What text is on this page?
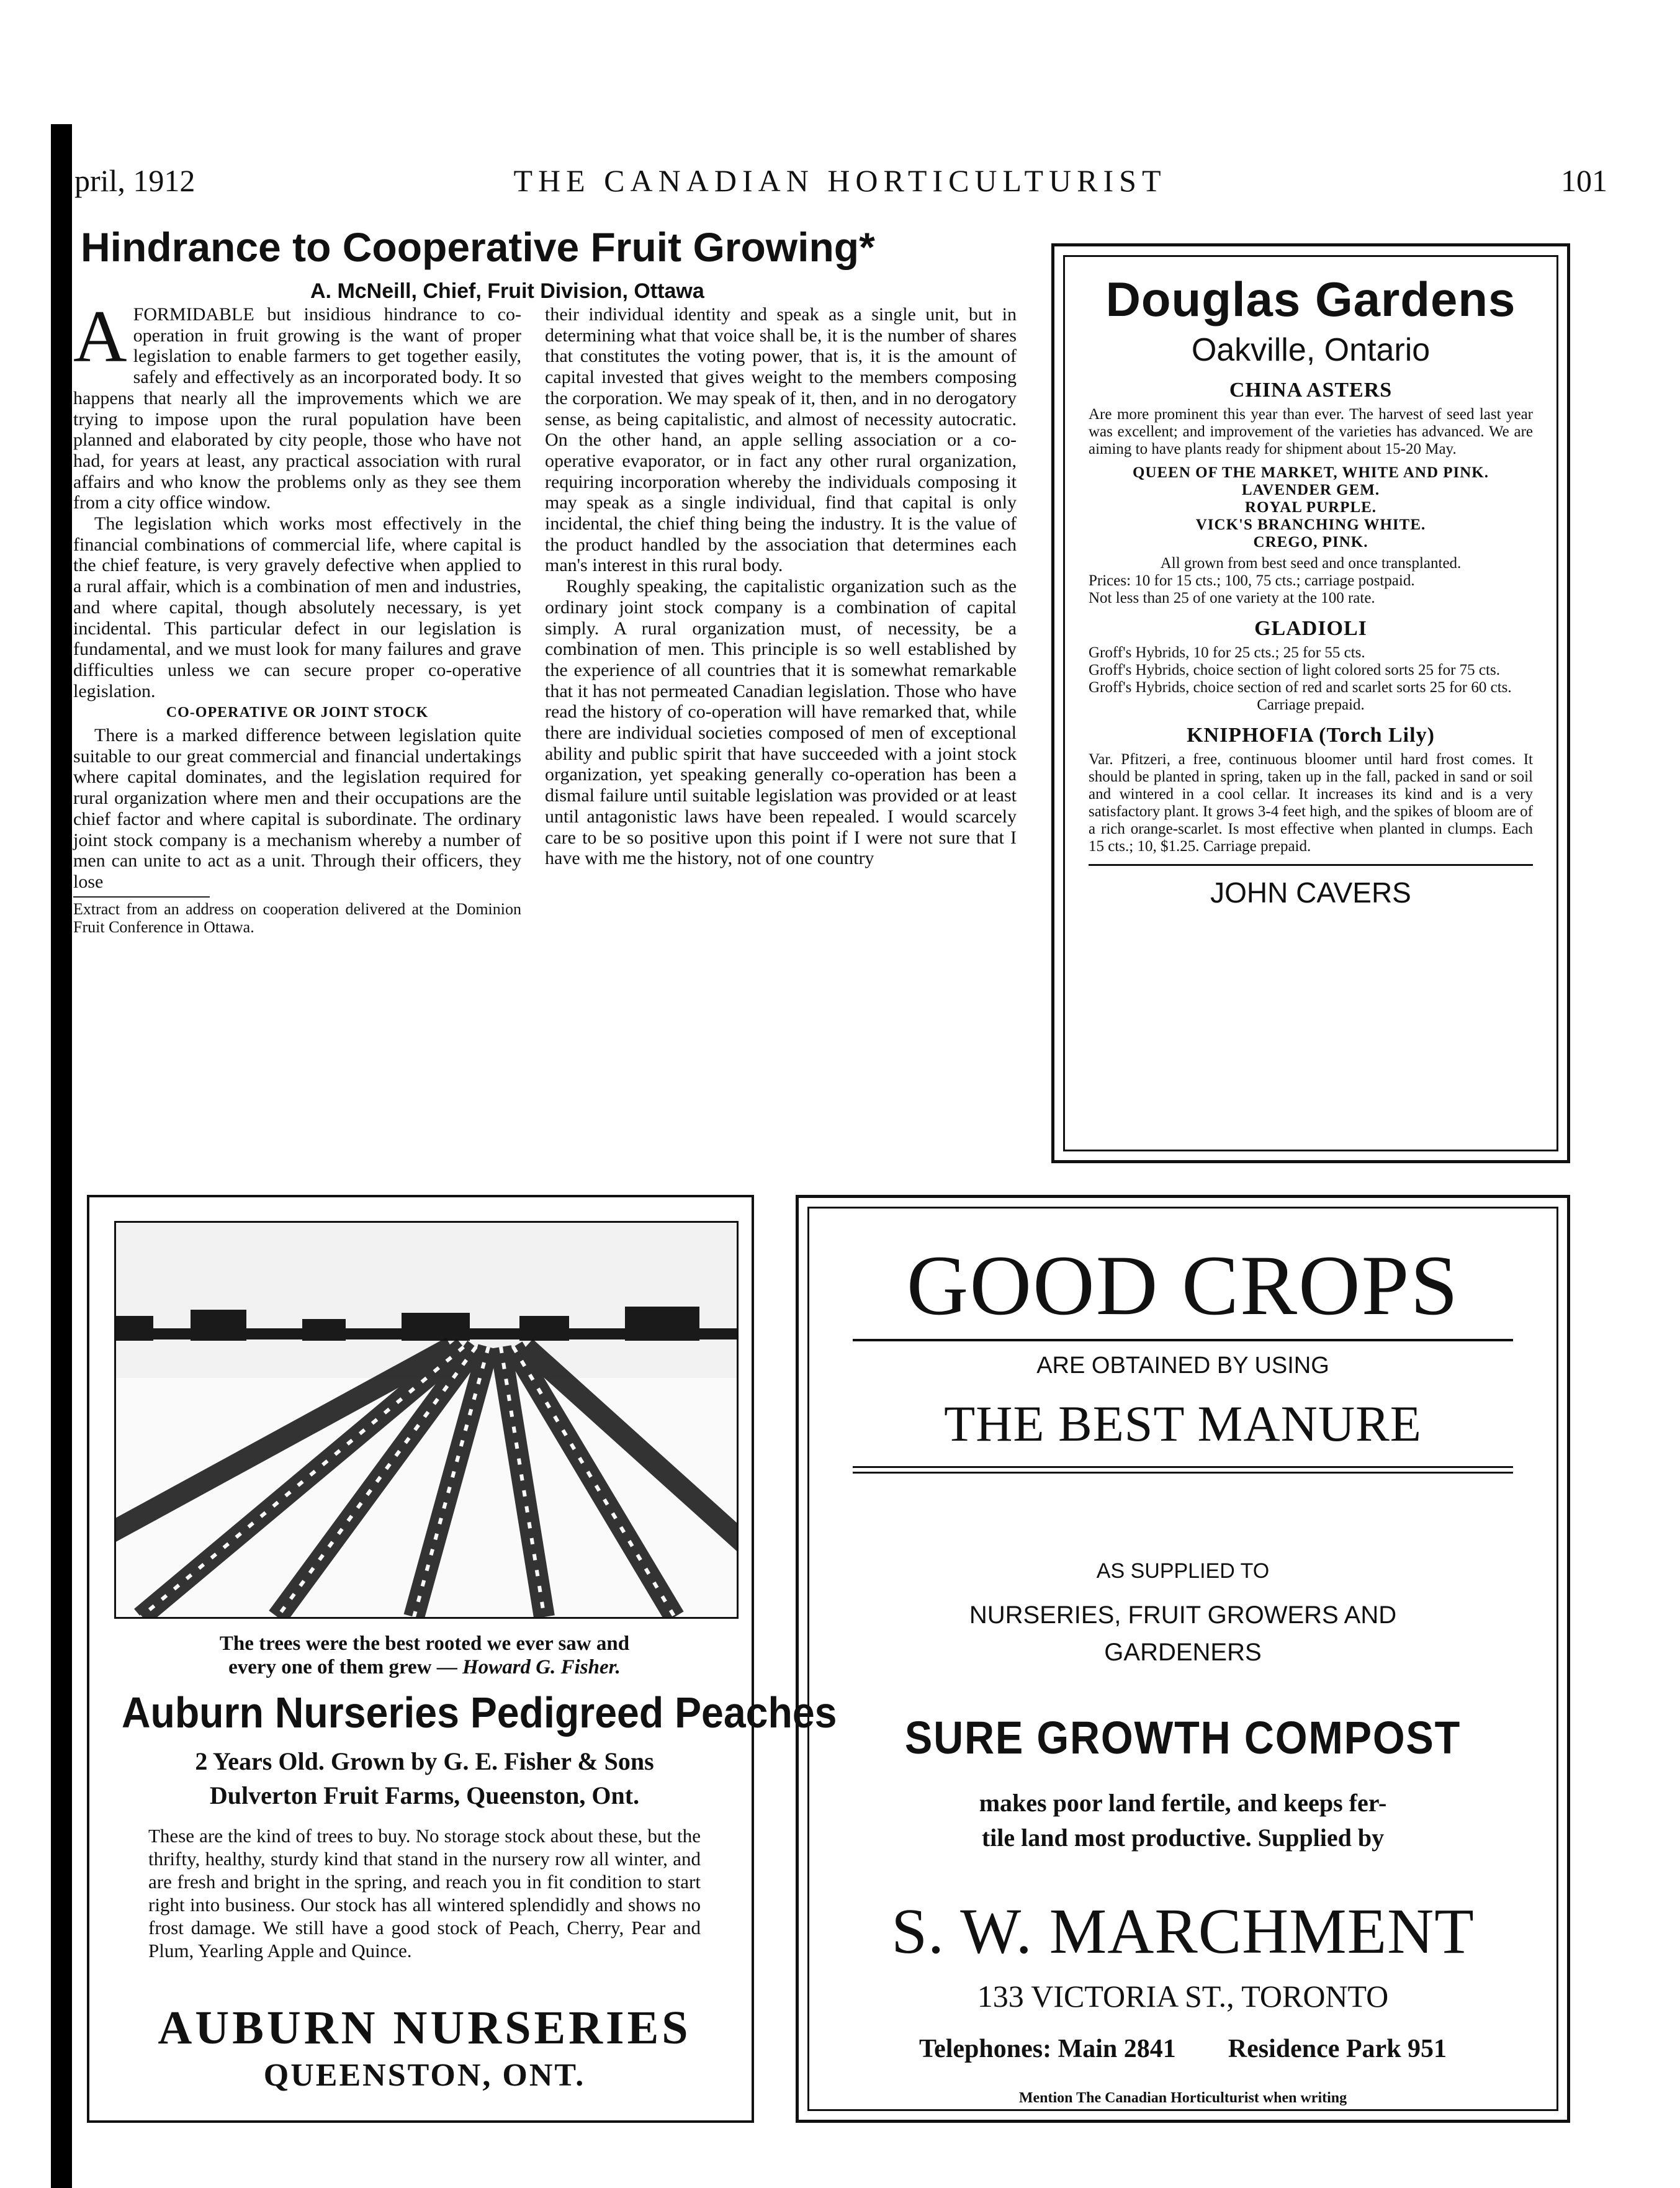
pril, 1912	THE CANADIAN HORTICULTURIST	101
Hindrance to Cooperative Fruit Growing*
A. McNeill, Chief, Fruit Division, Ottawa
A FORMIDABLE but insidious hindrance to co-operation in fruit growing is the want of proper legislation to enable farmers to get together easily, safely and effectively as an incorporated body. It so happens that nearly all the improvements which we are trying to impose upon the rural population have been planned and elaborated by city people, those who have not had, for years at least, any practical association with rural affairs and who know the problems only as they see them from a city office window.

The legislation which works most effectively in the financial combinations of commercial life, where capital is the chief feature, is very gravely defective when applied to a rural affair, which is a combination of men and industries, and where capital, though absolutely necessary, is yet incidental. This particular defect in our legislation is fundamental, and we must look for many failures and grave difficulties unless we can secure proper co-operative legislation.

CO-OPERATIVE OR JOINT STOCK

There is a marked difference between legislation quite suitable to our great commercial and financial undertakings where capital dominates, and the legislation required for rural organization where men and their occupations are the chief factor and where capital is subordinate. The ordinary joint stock company is a mechanism whereby a number of men can unite to act as a unit. Through their officers, they lose

Extract from an address on cooperation delivered at the Dominion Fruit Conference in Ottawa.

their individual identity and speak as a single unit, but in determining what that voice shall be, it is the number of shares that constitutes the voting power, that is, it is the amount of capital invested that gives weight to the members composing the corporation. We may speak of it, then, and in no derogatory sense, as being capitalistic, and almost of necessity autocratic. On the other hand, an apple selling association or a co-operative evaporator, or in fact any other rural organization, requiring incorporation whereby the individuals composing it may speak as a single individual, find that capital is only incidental, the chief thing being the industry. It is the value of the product handled by the association that determines each man's interest in this rural body.

Roughly speaking, the capitalistic organization such as the ordinary joint stock company is a combination of capital simply. A rural organization must, of necessity, be a combination of men. This principle is so well established by the experience of all countries that it is somewhat remarkable that it has not permeated Canadian legislation. Those who have read the history of co-operation will have remarked that, while there are individual societies composed of men of exceptional ability and public spirit that have succeeded with a joint stock organization, yet speaking generally co-operation has been a dismal failure until suitable legislation was provided or at least until antagonistic laws have been repealed. I would scarcely care to be so positive upon this point if I were not sure that I have with me the history, not of one country

Douglas Gardens
Oakville, Ontario
CHINA ASTERS
Are more prominent this year than ever. The harvest of seed last year was excellent; and improvement of the varieties has advanced. We are aiming to have plants ready for shipment about 15-20 May.
QUEEN OF THE MARKET, WHITE AND PINK.
LAVENDER GEM.
ROYAL PURPLE.
VICK'S BRANCHING WHITE.
CREGO, PINK.
All grown from best seed and once transplanted.
Prices: 10 for 15 cts.; 100, 75 cts.; carriage postpaid.
Not less than 25 of one variety at the 100 rate.
GLADIOLI
Groff's Hybrids, 10 for 25 cts.; 25 for 55 cts.
Groff's Hybrids, choice section of light colored sorts 25 for 75 cts.
Groff's Hybrids, choice section of red and scarlet sorts 25 for 60 cts.
Carriage prepaid.
KNIPHOFIA (Torch Lily)
Var. Pfitzeri, a free, continuous bloomer until hard frost comes. It should be planted in spring, taken up in the fall, packed in sand or soil and wintered in a cool cellar. It increases its kind and is a very satisfactory plant. It grows 3-4 feet high, and the spikes of bloom are of a rich orange-scarlet. Is most effective when planted in clumps. Each 15 cts.; 10, $1.25. Carriage prepaid.
JOHN CAVERS
The trees were the best rooted we ever saw and
every one of them grew — Howard G. Fisher.
Auburn Nurseries Pedigreed Peaches
2 Years Old. Grown by G. E. Fisher & Sons
Dulverton Fruit Farms, Queenston, Ont.
These are the kind of trees to buy. No storage stock about these, but the thrifty, healthy, sturdy kind that stand in the nursery row all winter, and are fresh and bright in the spring, and reach you in fit condition to start right into business. Our stock has all wintered splendidly and shows no frost damage. We still have a good stock of Peach, Cherry, Pear and Plum, Yearling Apple and Quince.
AUBURN NURSERIES
QUEENSTON, ONT.
GOOD CROPS
ARE OBTAINED BY USING
THE BEST MANURE
AS SUPPLIED TO
NURSERIES, FRUIT GROWERS AND
GARDENERS
SURE GROWTH COMPOST
makes poor land fertile, and keeps fer-
tile land most productive. Supplied by
S. W. MARCHMENT
133 VICTORIA ST., TORONTO
Telephones: Main 2841        Residence Park 951
Mention The Canadian Horticulturist when writing
